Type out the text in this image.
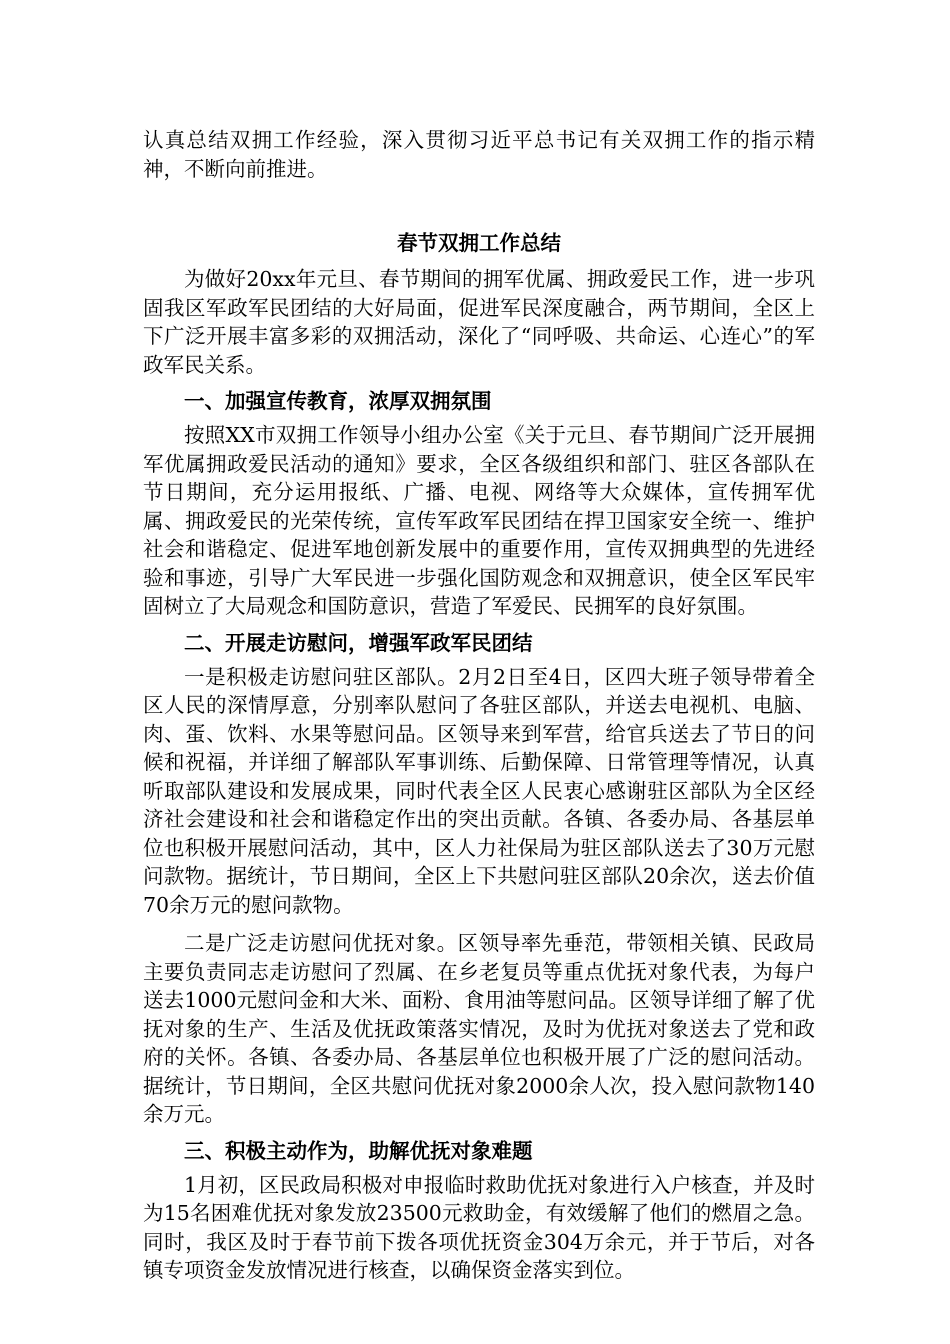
认真总结双拥工作经验，深入贯彻习近平总书记有关双拥工作的指示精神，不断向前推进。

春节双拥工作总结

为做好20xx年元旦、春节期间的拥军优属、拥政爱民工作，进一步巩固我区军政军民团结的大好局面，促进军民深度融合，两节期间，全区上下广泛开展丰富多彩的双拥活动，深化了“同呼吸、共命运、心连心”的军政军民关系。

一、加强宣传教育，浓厚双拥氛围

按照XX市双拥工作领导小组办公室《关于元旦、春节期间广泛开展拥军优属拥政爱民活动的通知》要求，全区各级组织和部门、驻区各部队在节日期间，充分运用报纸、广播、电视、网络等大众媒体，宣传拥军优属、拥政爱民的光荣传统，宣传军政军民团结在捍卫国家安全统一、维护社会和谐稳定、促进军地创新发展中的重要作用，宣传双拥典型的先进经验和事迹，引导广大军民进一步强化国防观念和双拥意识，使全区军民牢固树立了大局观念和国防意识，营造了军爱民、民拥军的良好氛围。

二、开展走访慰问，增强军政军民团结

一是积极走访慰问驻区部队。2月2日至4日，区四大班子领导带着全区人民的深情厚意，分别率队慰问了各驻区部队，并送去电视机、电脑、肉、蛋、饮料、水果等慰问品。区领导来到军营，给官兵送去了节日的问候和祝福，并详细了解部队军事训练、后勤保障、日常管理等情况，认真听取部队建设和发展成果，同时代表全区人民衷心感谢驻区部队为全区经济社会建设和社会和谐稳定作出的突出贡献。各镇、各委办局、各基层单位也积极开展慰问活动，其中，区人力社保局为驻区部队送去了30万元慰问款物。据统计，节日期间，全区上下共慰问驻区部队20余次，送去价值70余万元的慰问款物。

二是广泛走访慰问优抚对象。区领导率先垂范，带领相关镇、民政局主要负责同志走访慰问了烈属、在乡老复员等重点优抚对象代表，为每户送去1000元慰问金和大米、面粉、食用油等慰问品。区领导详细了解了优抚对象的生产、生活及优抚政策落实情况，及时为优抚对象送去了党和政府的关怀。各镇、各委办局、各基层单位也积极开展了广泛的慰问活动。据统计，节日期间，全区共慰问优抚对象2000余人次，投入慰问款物140余万元。

三、积极主动作为，助解优抚对象难题

1月初，区民政局积极对申报临时救助优抚对象进行入户核查，并及时为15名困难优抚对象发放23500元救助金，有效缓解了他们的燃眉之急。同时，我区及时于春节前下拨各项优抚资金304万余元，并于节后，对各镇专项资金发放情况进行核查，以确保资金落实到位。
